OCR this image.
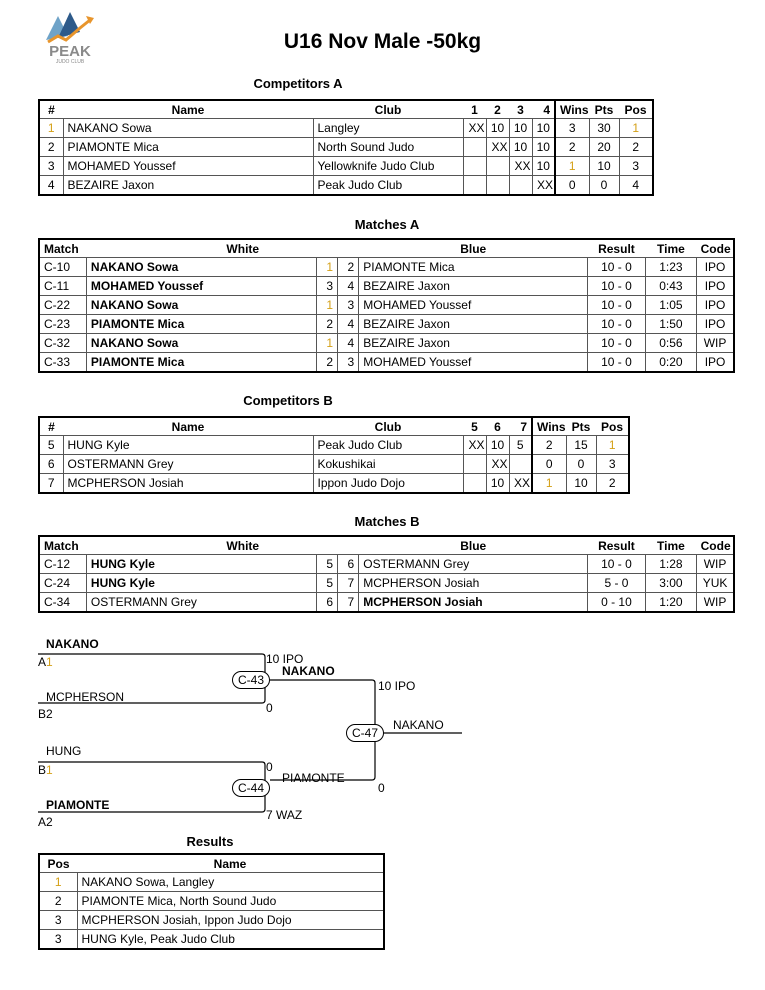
PEAK
JUDO CLUB
U16 Nov Male -50kg
Competitors A
#	Name	Club	1	2	3	4	Wins	Pts	Pos
1	NAKANO Sowa	Langley	XX	10	10	10	3	30	1
2	PIAMONTE Mica	North Sound Judo		XX	10	10	2	20	2
3	MOHAMED Youssef	Yellowknife Judo Club			XX	10	1	10	3
4	BEZAIRE Jaxon	Peak Judo Club				XX	0	0	4
Matches A
Match	White			Blue	Result	Time	Code
C-10	NAKANO Sowa	1	2	PIAMONTE Mica	10 - 0	1:23	IPO
C-11	MOHAMED Youssef	3	4	BEZAIRE Jaxon	10 - 0	0:43	IPO
C-22	NAKANO Sowa	1	3	MOHAMED Youssef	10 - 0	1:05	IPO
C-23	PIAMONTE Mica	2	4	BEZAIRE Jaxon	10 - 0	1:50	IPO
C-32	NAKANO Sowa	1	4	BEZAIRE Jaxon	10 - 0	0:56	WIP
C-33	PIAMONTE Mica	2	3	MOHAMED Youssef	10 - 0	0:20	IPO
Competitors B
#	Name	Club	5	6	7	Wins	Pts	Pos
5	HUNG Kyle	Peak Judo Club	XX	10	5	2	15	1
6	OSTERMANN Grey	Kokushikai		XX		0	0	3
7	MCPHERSON Josiah	Ippon Judo Dojo		10	XX	1	10	2
Matches B
Match	White			Blue	Result	Time	Code
C-12	HUNG Kyle	5	6	OSTERMANN Grey	10 - 0	1:28	WIP
C-24	HUNG Kyle	5	7	MCPHERSON Josiah	5 - 0	3:00	YUK
C-34	OSTERMANN Grey	6	7	MCPHERSON Josiah	0 - 10	1:20	WIP
NAKANO
A1	10 IPO
MCPHERSON
B2	0
C-43
NAKANO
10 IPO
C-47
NAKANO
0
HUNG
B1	0
PIAMONTE
C-44
PIAMONTE
A2	7 WAZ
Results
Pos	Name
1	NAKANO Sowa, Langley
2	PIAMONTE Mica, North Sound Judo
3	MCPHERSON Josiah, Ippon Judo Dojo
3	HUNG Kyle, Peak Judo Club
